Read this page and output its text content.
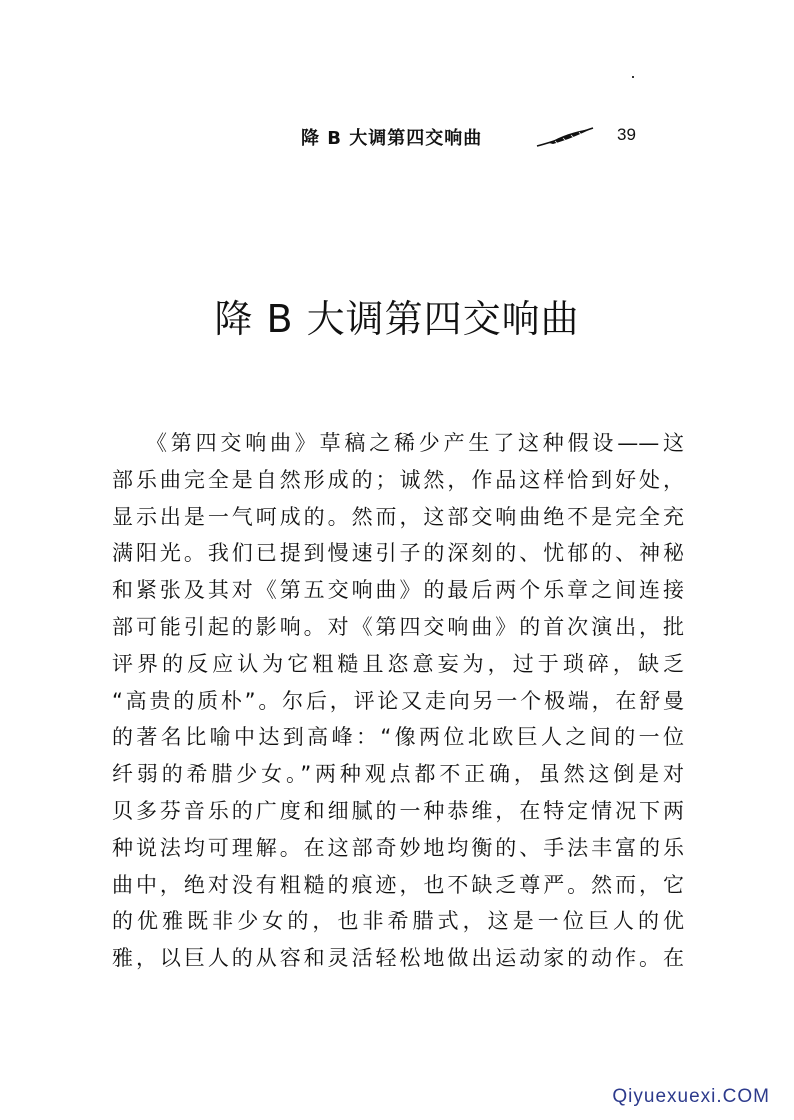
降 B 大调第四交响曲	39
降 B 大调第四交响曲
《第四交响曲》草稿之稀少产生了这种假设——这
部乐曲完全是自然形成的；诚然，作品这样恰到好处，
显示出是一气呵成的。然而，这部交响曲绝不是完全充
满阳光。我们已提到慢速引子的深刻的、忧郁的、神秘
和紧张及其对《第五交响曲》的最后两个乐章之间连接
部可能引起的影响。对《第四交响曲》的首次演出，批
评界的反应认为它粗糙且恣意妄为，过于琐碎，缺乏
“高贵的质朴”。尔后，评论又走向另一个极端，在舒曼
的著名比喻中达到高峰：“像两位北欧巨人之间的一位
纤弱的希腊少女。”两种观点都不正确，虽然这倒是对
贝多芬音乐的广度和细腻的一种恭维，在特定情况下两
种说法均可理解。在这部奇妙地均衡的、手法丰富的乐
曲中，绝对没有粗糙的痕迹，也不缺乏尊严。然而，它
的优雅既非少女的，也非希腊式，这是一位巨人的优
雅，以巨人的从容和灵活轻松地做出运动家的动作。在
Qiyuexuexi.COM
